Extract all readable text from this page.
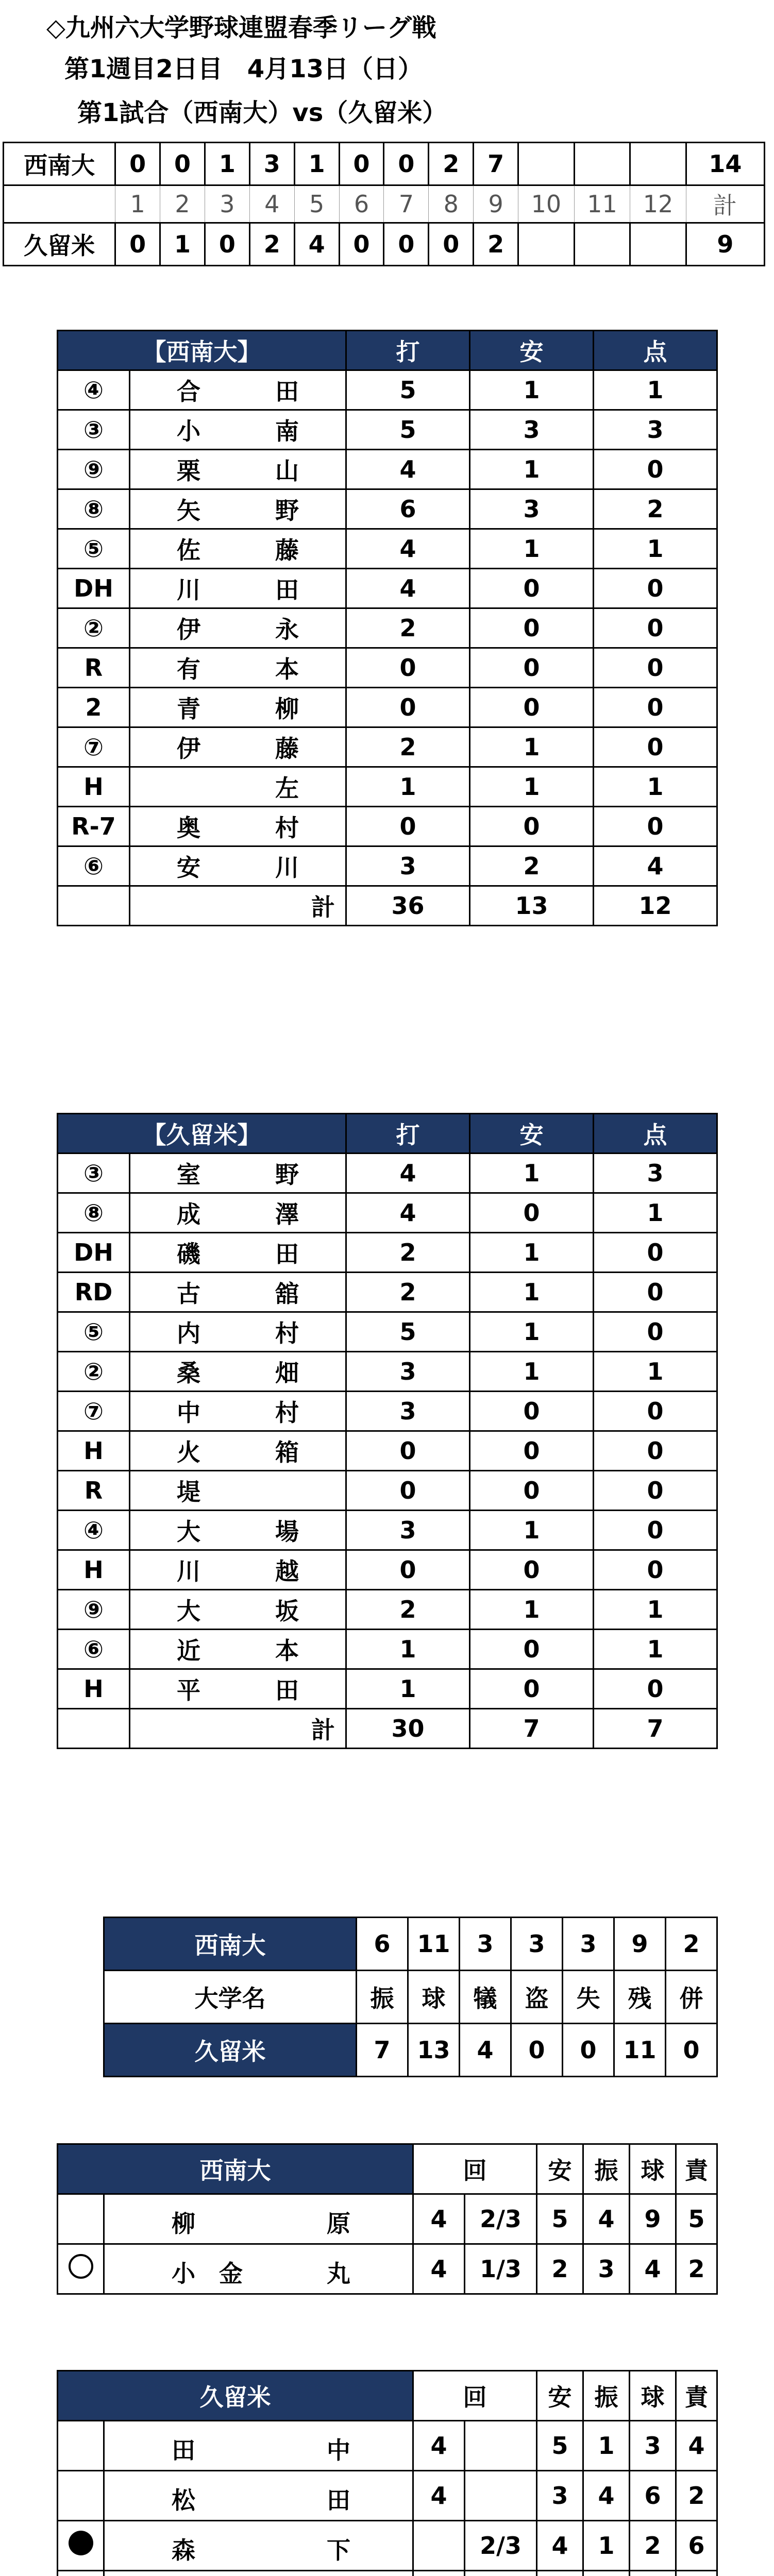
◇九州六大学野球連盟春季リーグ戦
第1週目2日目　4月13日（日）
第1試合（西南大）vs（久留米）
西南大	0	0	1	3	1	0	0	2	7				14
	1	2	3	4	5	6	7	8	9	10	11	12	計
久留米	0	1	0	2	4	0	0	0	2				9
【西南大】		打	安	点
④	合 田	5	1	1
③	小 南	5	3	3
⑨	栗 山	4	1	0
⑧	矢 野	6	3	2
⑤	佐 藤	4	1	1
DH	川 田	4	0	0
②	伊 永	2	0	0
R	有 本	0	0	0
2	青 柳	0	0	0
⑦	伊 藤	2	1	0
H	左	1	1	1
R-7	奥 村	0	0	0
⑥	安 川	3	2	4
	計	36	13	12
【久留米】		打	安	点
③	室 野	4	1	3
⑧	成 澤	4	0	1
DH	磯 田	2	1	0
RD	古 舘	2	1	0
⑤	内 村	5	1	0
②	桑 畑	3	1	1
⑦	中 村	3	0	0
H	火 箱	0	0	0
R	堤	0	0	0
④	大 場	3	1	0
H	川 越	0	0	0
⑨	大 坂	2	1	1
⑥	近 本	1	0	1
H	平 田	1	0	0
	計	30	7	7
西南大	6	11	3	3	3	9	2
大学名	振	球	犠	盗	失	残	併
久留米	7	13	4	0	0	11	0
西南大		回		安	振	球	責

	柳 原	4	2/3	5	4	9	5

	小　金 丸	4	1/3	2	3	4	2
久留米		回		安	振	球	責

	田 中	4		5	1	3	4

	松 田	4		3	4	6	2

	森 下		2/3	4	1	2	6
